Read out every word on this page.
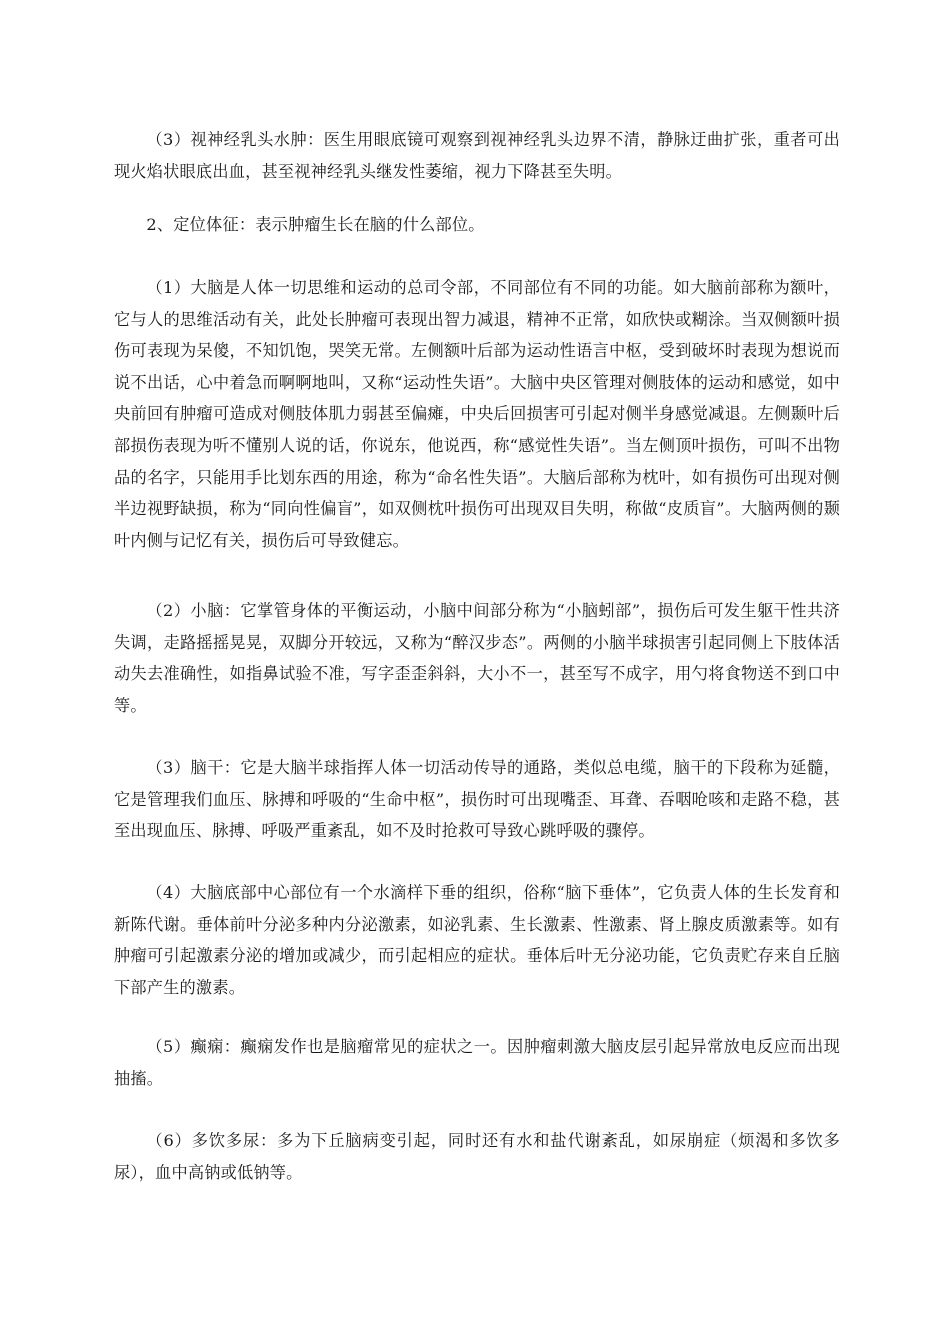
（3）视神经乳头水肿：医生用眼底镜可观察到视神经乳头边界不清，静脉迂曲扩张，重者可出现火焰状眼底出血，甚至视神经乳头继发性萎缩，视力下降甚至失明。

2、定位体征：表示肿瘤生长在脑的什么部位。

（1）大脑是人体一切思维和运动的总司令部，不同部位有不同的功能。如大脑前部称为额叶，它与人的思维活动有关，此处长肿瘤可表现出智力减退，精神不正常，如欣快或糊涂。当双侧额叶损伤可表现为呆傻，不知饥饱，哭笑无常。左侧额叶后部为运动性语言中枢，受到破坏时表现为想说而说不出话，心中着急而啊啊地叫，又称“运动性失语”。大脑中央区管理对侧肢体的运动和感觉，如中央前回有肿瘤可造成对侧肢体肌力弱甚至偏瘫，中央后回损害可引起对侧半身感觉减退。左侧颞叶后部损伤表现为听不懂别人说的话，你说东，他说西，称“感觉性失语”。当左侧顶叶损伤，可叫不出物品的名字，只能用手比划东西的用途，称为“命名性失语”。大脑后部称为枕叶，如有损伤可出现对侧半边视野缺损，称为“同向性偏盲”，如双侧枕叶损伤可出现双目失明，称做“皮质盲”。大脑两侧的颞叶内侧与记忆有关，损伤后可导致健忘。

（2）小脑：它掌管身体的平衡运动，小脑中间部分称为“小脑蚓部”，损伤后可发生躯干性共济失调，走路摇摇晃晃，双脚分开较远，又称为“醉汉步态”。两侧的小脑半球损害引起同侧上下肢体活动失去准确性，如指鼻试验不准，写字歪歪斜斜，大小不一，甚至写不成字，用勺将食物送不到口中等。

（3）脑干：它是大脑半球指挥人体一切活动传导的通路，类似总电缆，脑干的下段称为延髓，它是管理我们血压、脉搏和呼吸的“生命中枢”，损伤时可出现嘴歪、耳聋、吞咽呛咳和走路不稳，甚至出现血压、脉搏、呼吸严重紊乱，如不及时抢救可导致心跳呼吸的骤停。

（4）大脑底部中心部位有一个水滴样下垂的组织，俗称“脑下垂体”，它负责人体的生长发育和新陈代谢。垂体前叶分泌多种内分泌激素，如泌乳素、生长激素、性激素、肾上腺皮质激素等。如有肿瘤可引起激素分泌的增加或减少，而引起相应的症状。垂体后叶无分泌功能，它负责贮存来自丘脑下部产生的激素。

（5）癫痫：癫痫发作也是脑瘤常见的症状之一。因肿瘤刺激大脑皮层引起异常放电反应而出现抽搐。

（6）多饮多尿：多为下丘脑病变引起，同时还有水和盐代谢紊乱，如尿崩症（烦渴和多饮多尿），血中高钠或低钠等。
